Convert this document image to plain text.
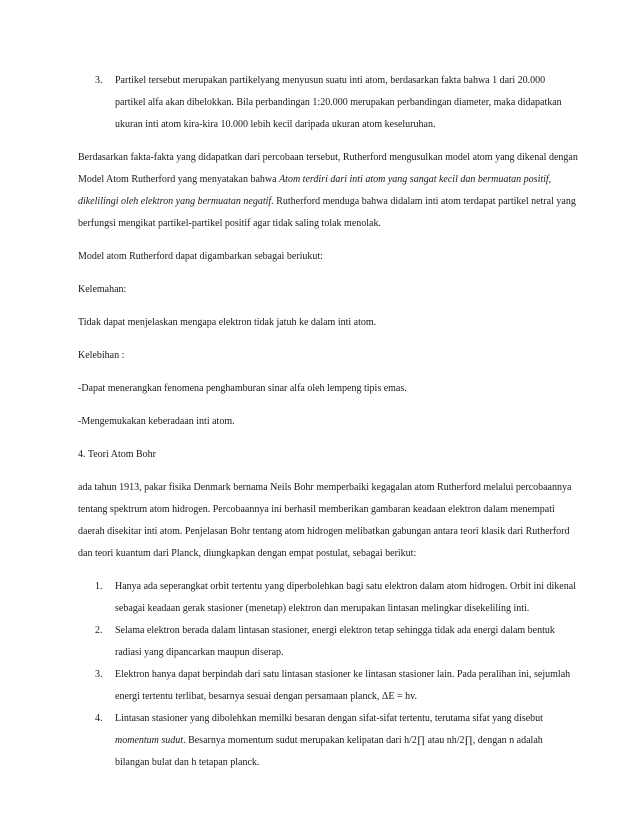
3. Partikel tersebut merupakan partikelyang menyusun suatu inti atom, berdasarkan fakta bahwa 1 dari 20.000 partikel alfa akan dibelokkan. Bila perbandingan 1:20.000 merupakan perbandingan diameter, maka didapatkan ukuran inti atom kira-kira 10.000 lebih kecil daripada ukuran atom keseluruhan.

Berdasarkan fakta-fakta yang didapatkan dari percobaan tersebut, Rutherford mengusulkan model atom yang dikenal dengan Model Atom Rutherford yang menyatakan bahwa Atom terdiri dari inti atom yang sangat kecil dan bermuatan positif, dikelilingi oleh elektron yang bermuatan negatif. Rutherford menduga bahwa didalam inti atom terdapat partikel netral yang berfungsi mengikat partikel-partikel positif agar tidak saling tolak menolak.

Model atom Rutherford dapat digambarkan sebagai beriukut:

Kelemahan:

Tidak dapat menjelaskan mengapa elektron tidak jatuh ke dalam inti atom.

Kelebihan :

-Dapat menerangkan fenomena penghamburan sinar alfa oleh lempeng tipis emas.

-Mengemukakan keberadaan inti atom.

4. Teori Atom Bohr

ada tahun 1913, pakar fisika Denmark bernama Neils Bohr memperbaiki kegagalan atom Rutherford melalui percobaannya tentang spektrum atom hidrogen. Percobaannya ini berhasil memberikan gambaran keadaan elektron dalam menempati daerah disekitar inti atom. Penjelasan Bohr tentang atom hidrogen melibatkan gabungan antara teori klasik dari Rutherford dan teori kuantum dari Planck, diungkapkan dengan empat postulat, sebagai berikut:

1. Hanya ada seperangkat orbit tertentu yang diperbolehkan bagi satu elektron dalam atom hidrogen. Orbit ini dikenal sebagai keadaan gerak stasioner (menetap) elektron dan merupakan lintasan melingkar disekeliling inti.
2. Selama elektron berada dalam lintasan stasioner, energi elektron tetap sehingga tidak ada energi dalam bentuk radiasi yang dipancarkan maupun diserap.
3. Elektron hanya dapat berpindah dari satu lintasan stasioner ke lintasan stasioner lain. Pada peralihan ini, sejumlah energi tertentu terlibat, besarnya sesuai dengan persamaan planck, ΔE = hv.
4. Lintasan stasioner yang dibolehkan memilki besaran dengan sifat-sifat tertentu, terutama sifat yang disebut momentum sudut. Besarnya momentum sudut merupakan kelipatan dari h/2∏ atau nh/2∏, dengan n adalah bilangan bulat dan h tetapan planck.
